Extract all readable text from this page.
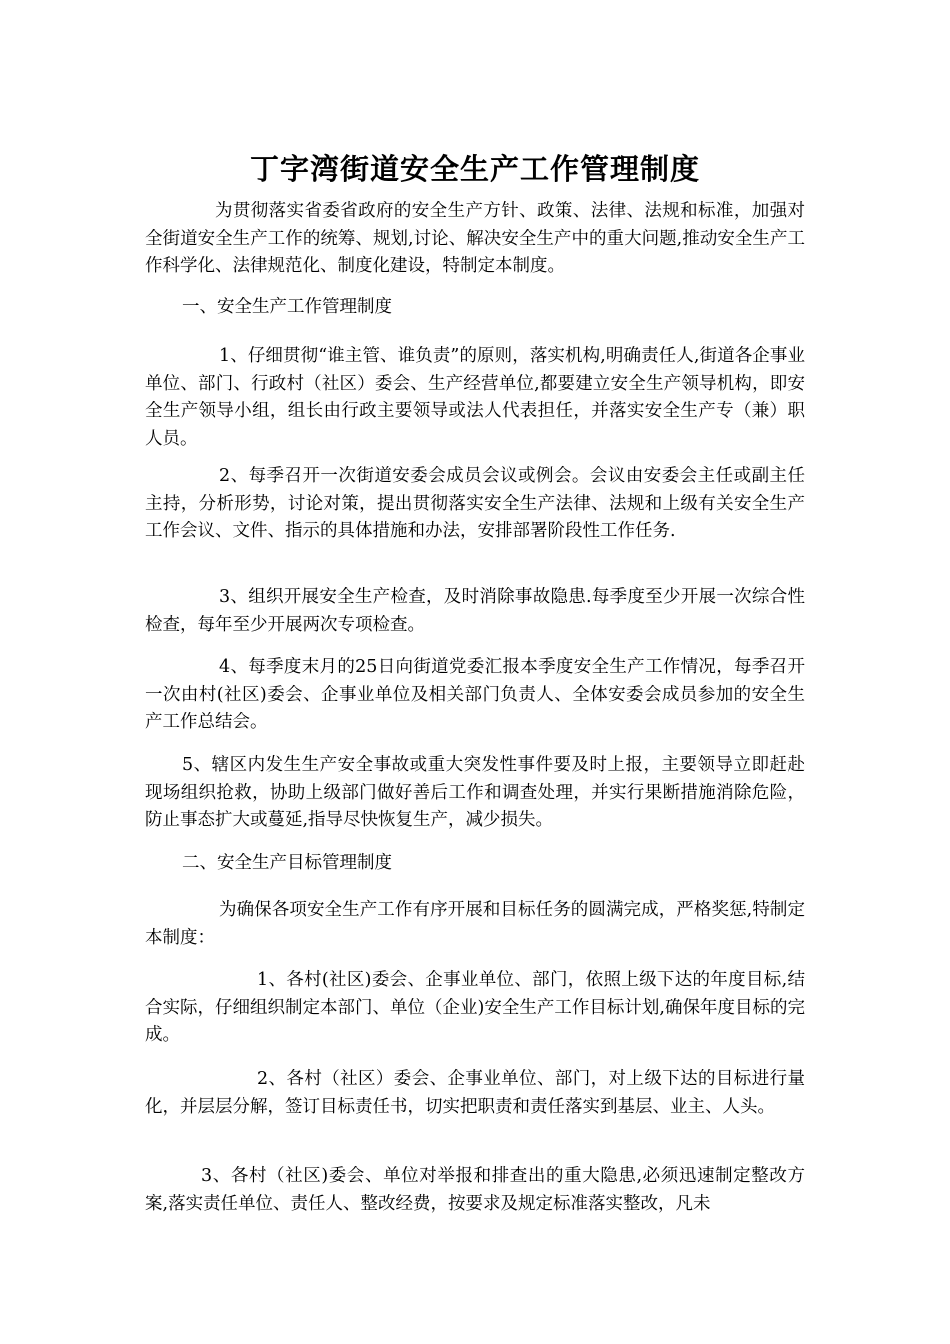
丁字湾街道安全生产工作管理制度

为贯彻落实省委省政府的安全生产方针、政策、法律、法规和标准，加强对全街道安全生产工作的统筹、规划,讨论、解决安全生产中的重大问题,推动安全生产工作科学化、法律规范化、制度化建设，特制定本制度。

一、安全生产工作管理制度

1、仔细贯彻“谁主管、谁负责”的原则，落实机构,明确责任人,街道各企事业单位、部门、行政村（社区）委会、生产经营单位,都要建立安全生产领导机构，即安全生产领导小组，组长由行政主要领导或法人代表担任，并落实安全生产专（兼）职人员。

2、每季召开一次街道安委会成员会议或例会。会议由安委会主任或副主任主持，分析形势，讨论对策，提出贯彻落实安全生产法律、法规和上级有关安全生产工作会议、文件、指示的具体措施和办法，安排部署阶段性工作任务.

3、组织开展安全生产检查，及时消除事故隐患.每季度至少开展一次综合性检查，每年至少开展两次专项检查。

4、每季度末月的25日向街道党委汇报本季度安全生产工作情况，每季召开一次由村(社区)委会、企事业单位及相关部门负责人、全体安委会成员参加的安全生产工作总结会。

5、辖区内发生生产安全事故或重大突发性事件要及时上报，主要领导立即赶赴现场组织抢救，协助上级部门做好善后工作和调查处理，并实行果断措施消除危险，防止事态扩大或蔓延,指导尽快恢复生产，减少损失。

二、安全生产目标管理制度

为确保各项安全生产工作有序开展和目标任务的圆满完成，严格奖惩,特制定本制度：

1、各村(社区)委会、企事业单位、部门，依照上级下达的年度目标,结合实际，仔细组织制定本部门、单位（企业)安全生产工作目标计划,确保年度目标的完成。

2、各村（社区）委会、企事业单位、部门，对上级下达的目标进行量化，并层层分解，签订目标责任书，切实把职责和责任落实到基层、业主、人头。

3、各村（社区)委会、单位对举报和排查出的重大隐患,必须迅速制定整改方案,落实责任单位、责任人、整改经费，按要求及规定标准落实整改，凡未
